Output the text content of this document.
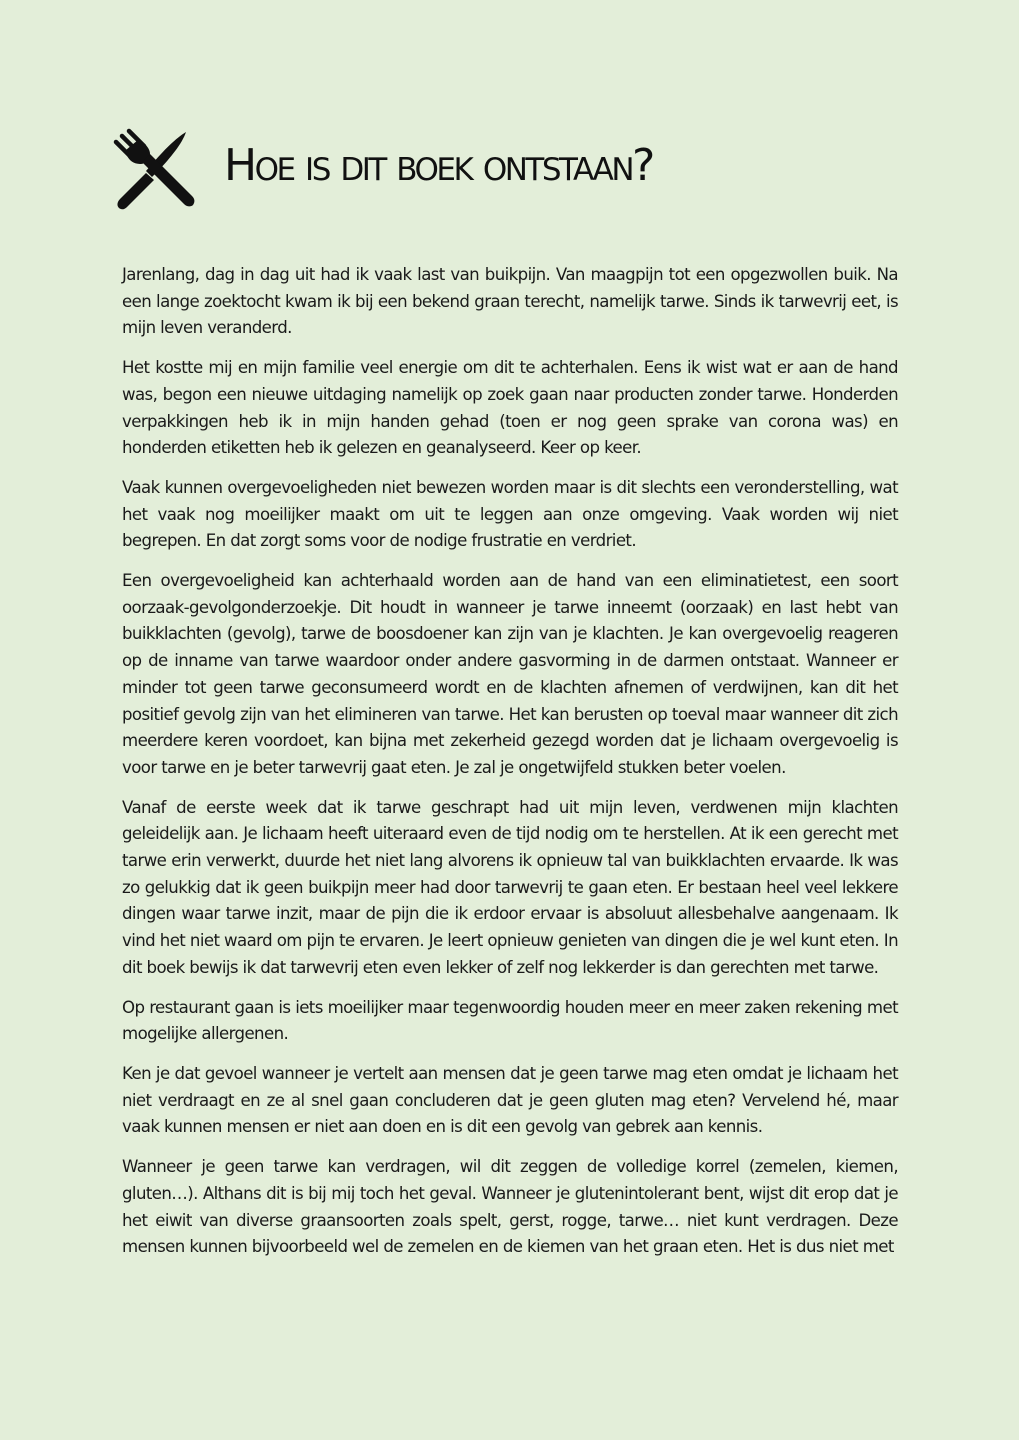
Hoe is dit boek ontstaan?

Jarenlang, dag in dag uit had ik vaak last van buikpijn. Van maagpijn tot een opgezwollen buik. Na een lange zoektocht kwam ik bij een bekend graan terecht, namelijk tarwe. Sinds ik tarwevrij eet, is mijn leven veranderd.

Het kostte mij en mijn familie veel energie om dit te achterhalen. Eens ik wist wat er aan de hand was, begon een nieuwe uitdaging namelijk op zoek gaan naar producten zonder tarwe. Honderden verpakkingen heb ik in mijn handen gehad (toen er nog geen sprake van corona was) en honderden etiketten heb ik gelezen en geanalyseerd. Keer op keer.

Vaak kunnen overgevoeligheden niet bewezen worden maar is dit slechts een veronderstelling, wat het vaak nog moeilijker maakt om uit te leggen aan onze omgeving. Vaak worden wij niet begrepen. En dat zorgt soms voor de nodige frustratie en verdriet.

Een overgevoeligheid kan achterhaald worden aan de hand van een eliminatietest, een soort oorzaak-gevolgonderzoekje. Dit houdt in wanneer je tarwe inneemt (oorzaak) en last hebt van buikklachten (gevolg), tarwe de boosdoener kan zijn van je klachten. Je kan overgevoelig reageren op de inname van tarwe waardoor onder andere gasvorming in de darmen ontstaat. Wanneer er minder tot geen tarwe geconsumeerd wordt en de klachten afnemen of verdwijnen, kan dit het positief gevolg zijn van het elimineren van tarwe. Het kan berusten op toeval maar wanneer dit zich meerdere keren voordoet, kan bijna met zekerheid gezegd worden dat je lichaam overgevoelig is voor tarwe en je beter tarwevrij gaat eten. Je zal je ongetwijfeld stukken beter voelen.

Vanaf de eerste week dat ik tarwe geschrapt had uit mijn leven, verdwenen mijn klachten geleidelijk aan. Je lichaam heeft uiteraard even de tijd nodig om te herstellen. At ik een gerecht met tarwe erin verwerkt, duurde het niet lang alvorens ik opnieuw tal van buikklachten ervaarde. Ik was zo gelukkig dat ik geen buikpijn meer had door tarwevrij te gaan eten. Er bestaan heel veel lekkere dingen waar tarwe inzit, maar de pijn die ik erdoor ervaar is absoluut allesbehalve aangenaam. Ik vind het niet waard om pijn te ervaren. Je leert opnieuw genieten van dingen die je wel kunt eten. In dit boek bewijs ik dat tarwevrij eten even lekker of zelf nog lekkerder is dan gerechten met tarwe.

Op restaurant gaan is iets moeilijker maar tegenwoordig houden meer en meer zaken rekening met mogelijke allergenen.

Ken je dat gevoel wanneer je vertelt aan mensen dat je geen tarwe mag eten omdat je lichaam het niet verdraagt en ze al snel gaan concluderen dat je geen gluten mag eten? Vervelend hé, maar vaak kunnen mensen er niet aan doen en is dit een gevolg van gebrek aan kennis.

Wanneer je geen tarwe kan verdragen, wil dit zeggen de volledige korrel (zemelen, kiemen, gluten…). Althans dit is bij mij toch het geval. Wanneer je glutenintolerant bent, wijst dit erop dat je het eiwit van diverse graansoorten zoals spelt, gerst, rogge, tarwe… niet kunt verdragen. Deze mensen kunnen bijvoorbeeld wel de zemelen en de kiemen van het graan eten. Het is dus niet met
